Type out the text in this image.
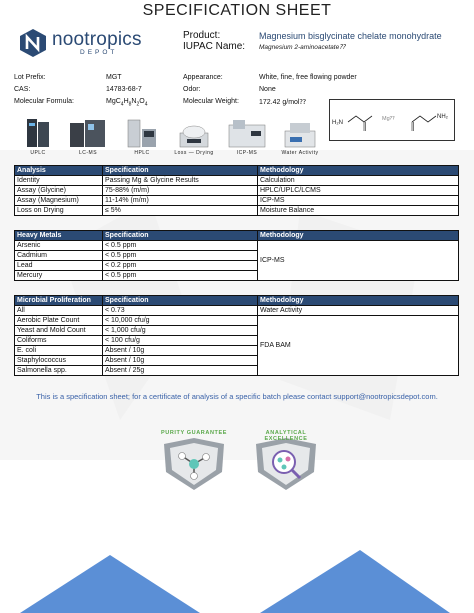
SPECIFICATION SHEET
nootropics
DEPOT
Product:	Magnesium bisglycinate chelate monohydrate
IUPAC Name: Magnesium 2-aminoacetate⁇
Lot Prefix:	MGT
CAS:	14783-68-7
Molecular Formula:	$MgC_4H_8N_2O_4$
Appearance:	White, fine, free flowing powder
Odor:	None
Molecular Weight:	172.42 g/mol⁇
H₂N
Mg⁇	NH₂
UPLC	LC-MS	HPLC	Loss — Drying	ICP-MS	Water Activity
Analysis	Specification	Methodology
Identity	Passing Mg & Glycine Results	Calculation
Assay (Glycine)	75-88% (m/m)	HPLC/UPLC/LCMS
Assay (Magnesium)	11-14% (m/m)	ICP-MS
Loss on Drying	≤ 5%	Moisture Balance
Heavy Metals	Specification	Methodology
Arsenic	< 0.5 ppm	ICP-MS
Cadmium	< 0.5 ppm	
Lead	< 0.2 ppm	
Mercury	< 0.5 ppm	
Microbial Proliferation	Specification	Methodology
All	< 0.73	Water Activity
Aerobic Plate Count	< 10,000 cfu/g	FDA BAM
Yeast and Mold Count	< 1,000 cfu/g	
Coliforms	< 100 cfu/g	
E. coli	Absent / 10g	
Staphylococcus	Absent / 10g	
Salmonella spp.	Absent / 25g	
This is a specification sheet; for a certificate of analysis of a specific batch please contact support@nootropicsdepot.com.
PURITY GUARANTEE	ANALYTICAL EXCELLENCE
